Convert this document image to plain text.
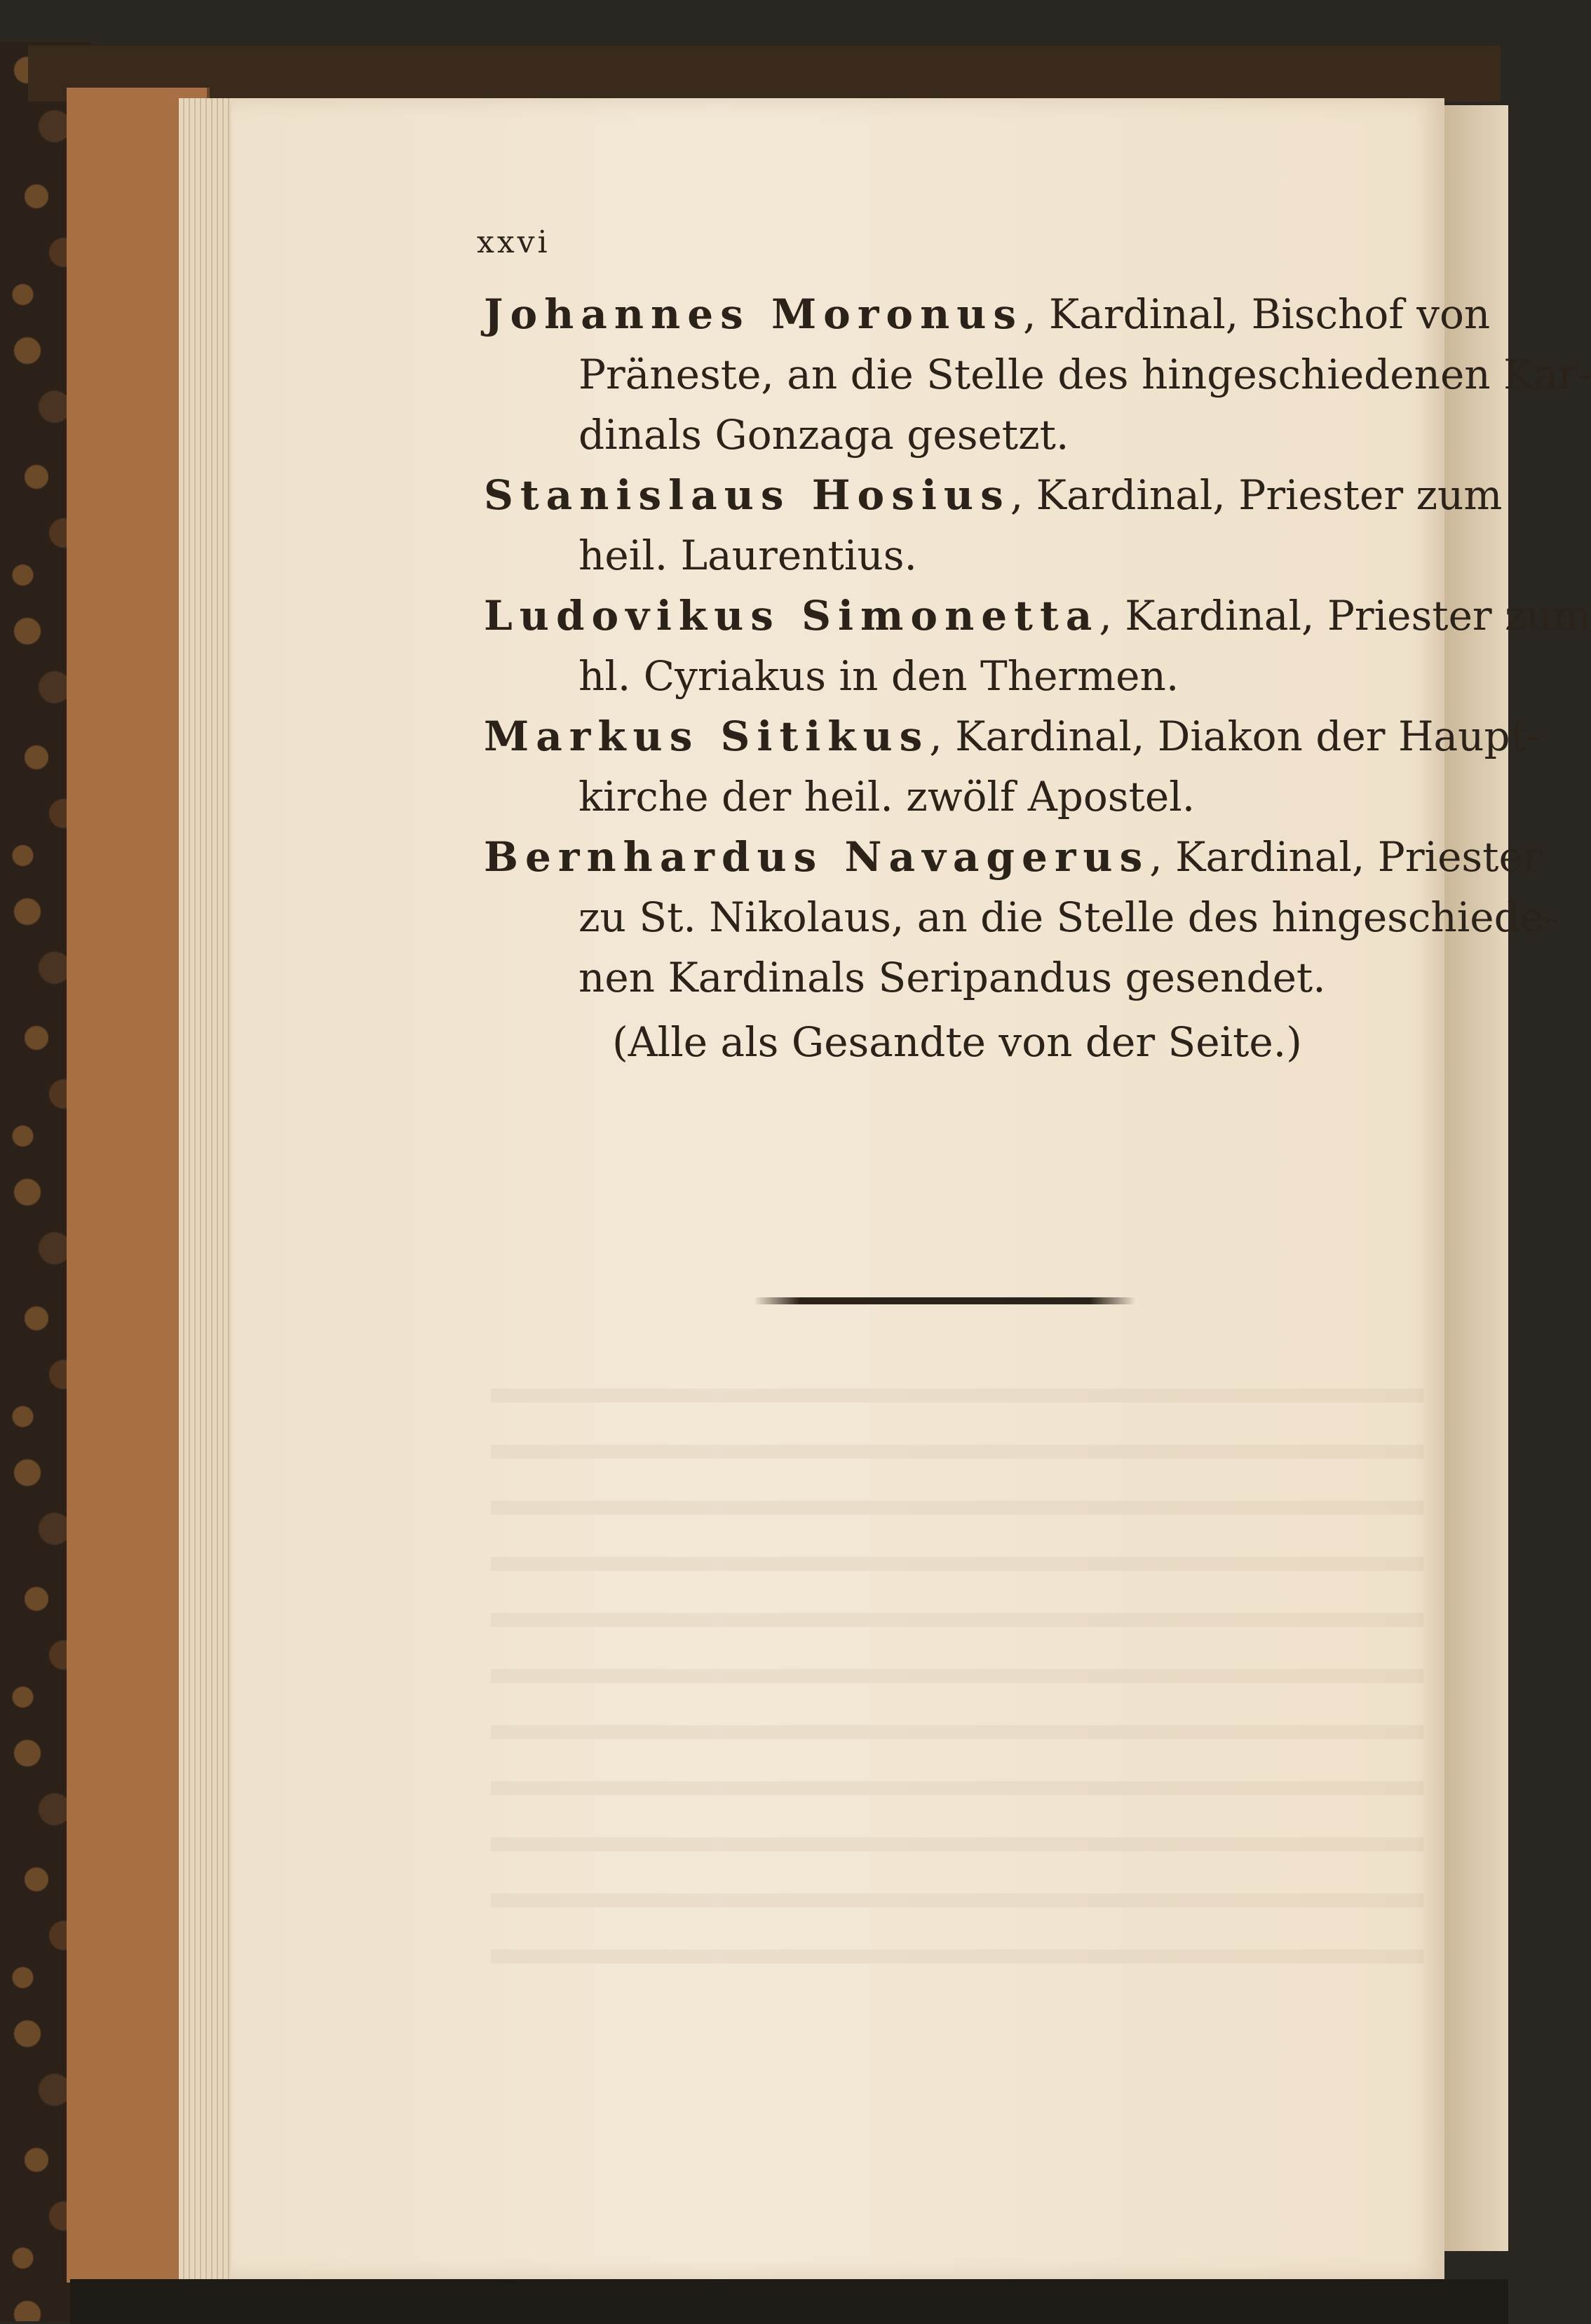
xxvi

Johannes Moronus, Kardinal, Bischof von
Präneste, an die Stelle des hingeschiedenen Kar-
dinals Gonzaga gesetzt.

Stanislaus Hosius, Kardinal, Priester zum
heil. Laurentius.

Ludovikus Simonetta, Kardinal, Priester zum
hl. Cyriakus in den Thermen.

Markus Sitikus, Kardinal, Diakon der Haupt-
kirche der heil. zwölf Apostel.

Bernhardus Navagerus, Kardinal, Priester
zu St. Nikolaus, an die Stelle des hingeschiede-
nen Kardinals Seripandus gesendet.

(Alle als Gesandte von der Seite.)
